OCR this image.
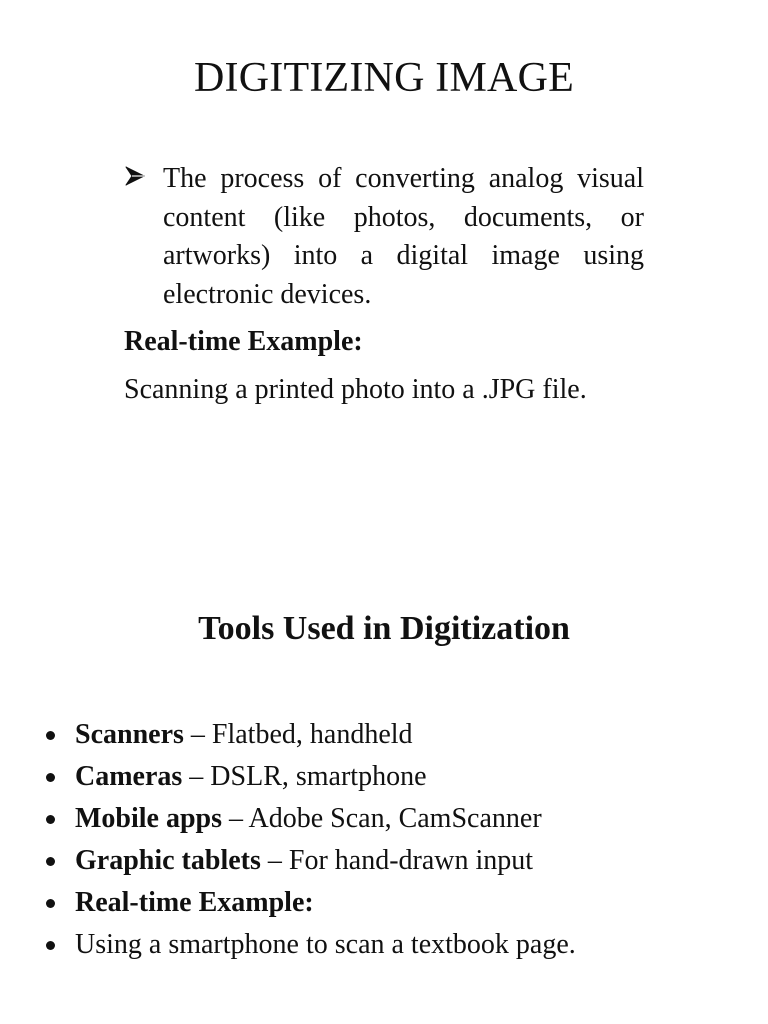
DIGITIZING IMAGE
The process of converting analog visual content (like photos, documents, or artworks) into a digital image using electronic devices.
Real-time Example:
Scanning a printed photo into a .JPG file.
Tools Used in Digitization
Scanners – Flatbed, handheld
Cameras – DSLR, smartphone
Mobile apps – Adobe Scan, CamScanner
Graphic tablets – For hand-drawn input
Real-time Example:
Using a smartphone to scan a textbook page.
